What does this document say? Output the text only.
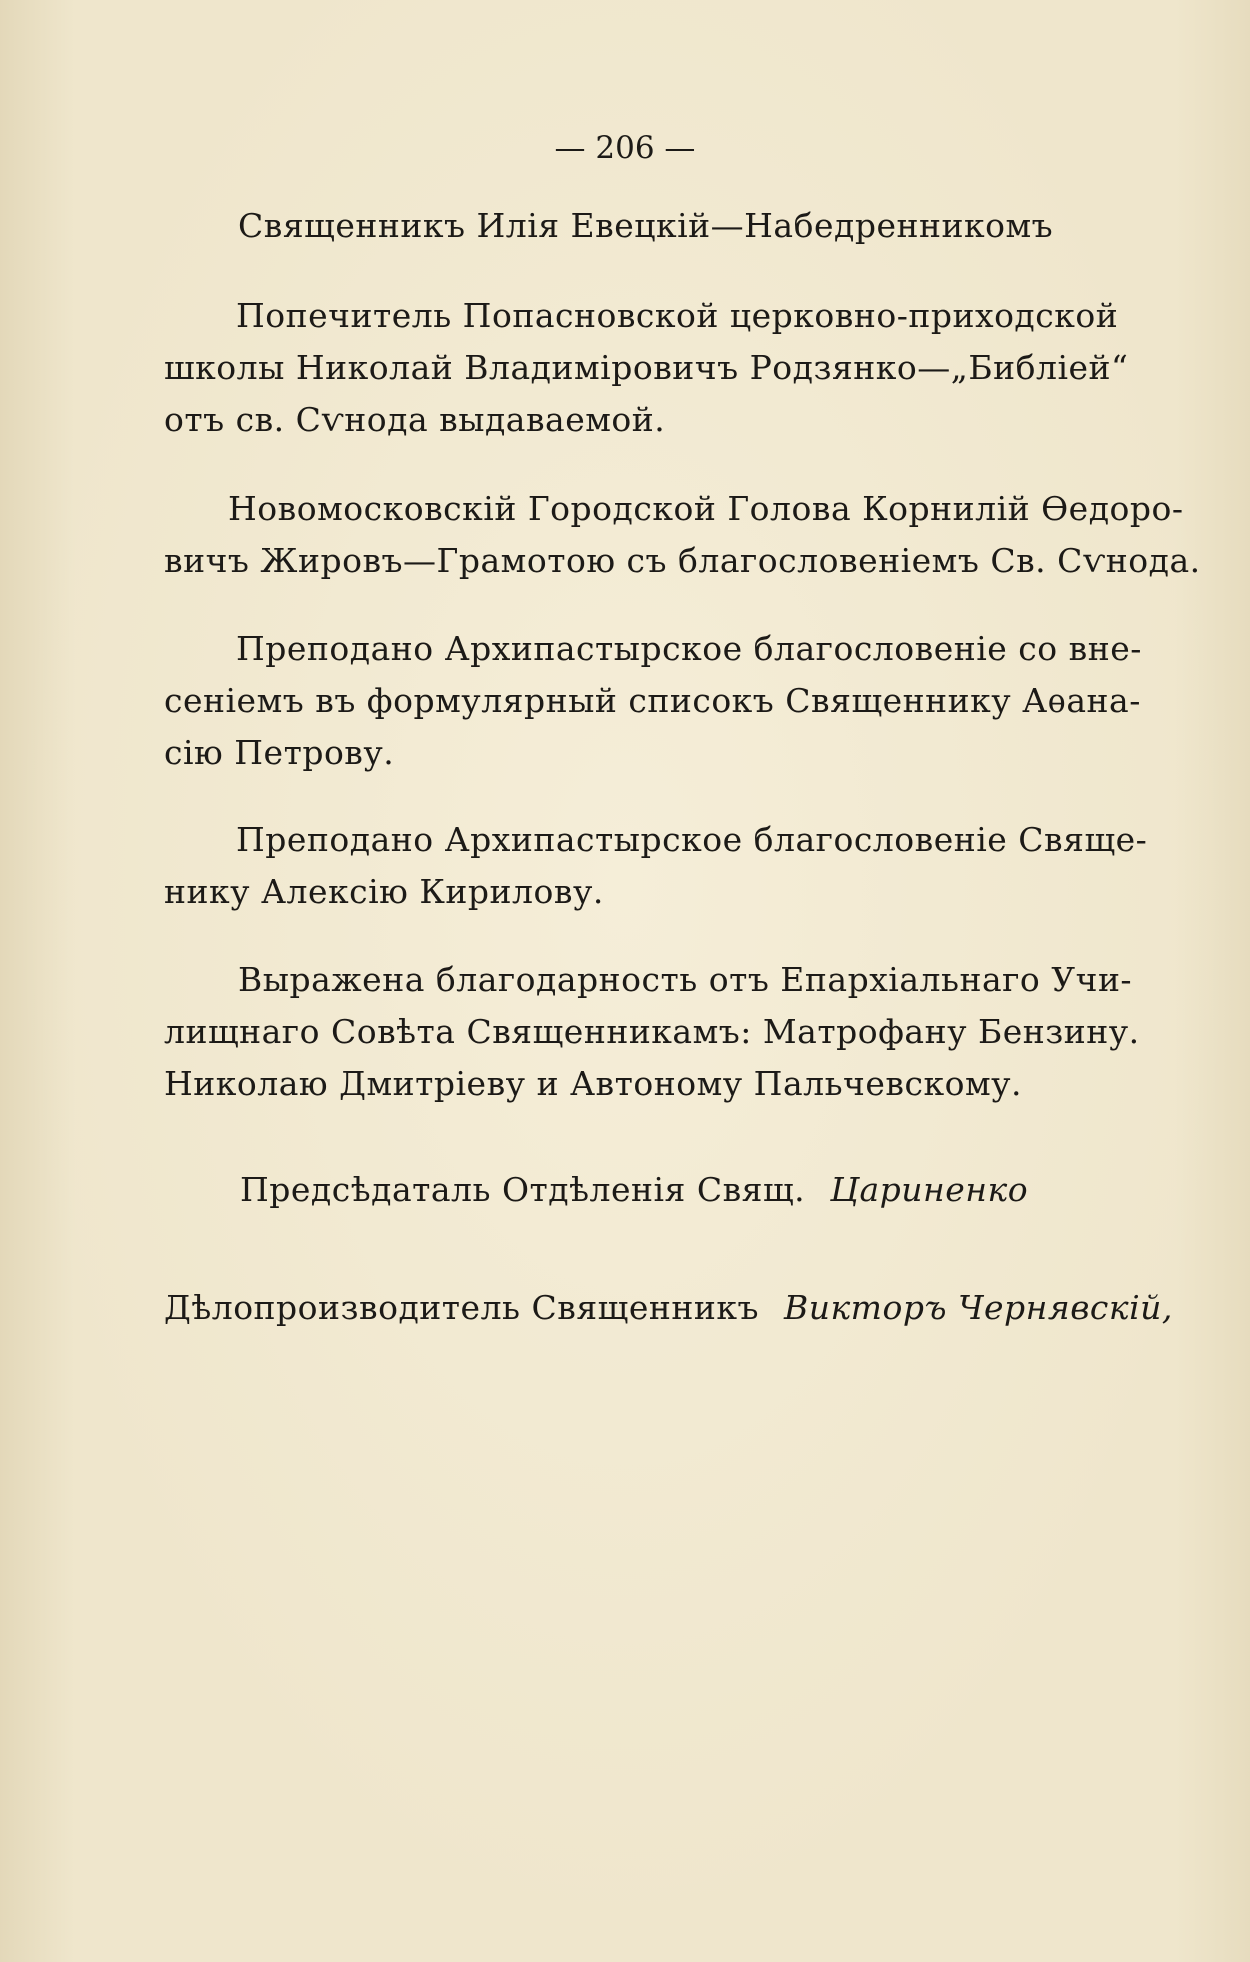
— 206 —
Священникъ Илія Евецкій—Набедренникомъ
Попечитель Попасновской церковно-приходской
школы Николай Владиміровичъ Родзянко—„Библіей“
отъ св. Сѵнода выдаваемой.
Новомосковскій Городской Голова Корнилій Ѳедоро-
вичъ Жировъ—Грамотою съ благословеніемъ Св. Сѵнода.
Преподано Архипастырское благословеніе со вне-
сеніемъ въ формулярный списокъ Священнику Аѳана-
сію Петрову.
Преподано Архипастырское благословеніе Свяще-
нику Алексію Кирилову.
Выражена благодарность отъ Епархіальнаго Учи-
лищнаго Совѣта Священникамъ: Матрофану Бензину.
Николаю Дмитріеву и Автоному Пальчевскому.
Предсѣдаталь Отдѣленія Свящ. Цариненко
Дѣлопроизводитель Священникъ Викторъ Чернявскій,
